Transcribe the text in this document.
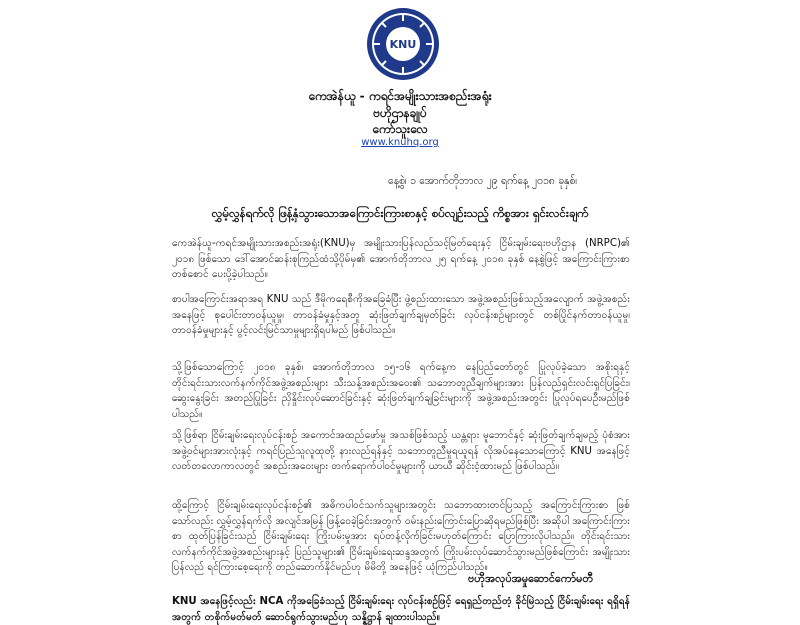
KNU
ကေအဲန်ယူ - ကရင်အမျိုးသားအစည်းအရုံး
ဗဟိုဌာနချုပ်
ကော်သူးလေ
www.knuhq.org
နေ့စွဲ၊ ၁ အောက်တိုဘာလ ၂၉ ရက်နေ့ ၂၀၁၈ ခုနှစ်၊
လွှမ့်လွှန်ရက်လို ဖြန့်နှံသွားသောအကြောင်းကြားစာနှင့် စပ်လျဉ်းသည့် ကိစ္စအား ရှင်းလင်းချက်
ကေအဲန်ယူ-ကရင်အမျိုးသားအစည်းအရုံး(KNU)မှ အမျိုးသားပြန်လည်သင့်မြတ်ရေးနှင့် ငြိမ်းချမ်းရေးဗဟိုဌာန (NRPC)၏ ၂၀၁၈ ဖြစ်သော ဒေါ်အောင်ဆန်းစုကြည်ထံသို့ပိုမ်မှ၏ အောက်တိုဘာလ ၂၅ ရက်နေ့ ၂၀၁၈ ခုနှစ် နေ့စွဲဖြင့် အကြောင်းကြားစာ တစ်စောင် ပေးပို့ခဲ့ပါသည်။
စာပါအကြောင်းအရာအရ KNU သည် ဒီမိုကရေစီကိုအခြေခံပြီး ဖွဲ့စည်းထားသော အဖွဲ့အစည်းဖြစ်သည့်အလျောက် အဖွဲ့အစည်းအနေဖြင့် စုပေါင်းတာဝန်ယူမှု၊ တာဝန်ခံမှုနှင့်အတူ ဆုံးဖြတ်ချက်ချမှတ်ခြင်း လုပ်ငန်းစဉ်များတွင် တစ်ပြိုင်နက်တာဝန်ယူမှု၊ တာဝန်ခံမှုများနှင့် ပွင့်လင်းမြင်သာမှုများရှိရပါမည် ဖြစ်ပါသည်။
သို့ဖြစ်သောကြောင့် ၂၀၁၈ ခုနှစ်၊ အောက်တိုဘာလ ၁၅-၁၆ ရက်နေ့က နေပြည်တော်တွင် ပြုလုပ်ခဲ့သော အစိုးရနှင့် တိုင်းရင်းသားလက်နက်ကိုင်အဖွဲ့အစည်းများ သီးသန့်အစည်းအဝေး၏ သဘောတူညီချက်များအား ပြန်လည်ရှင်းလင်းရှင်ပြခြင်း၊ ဆွေးနွေးခြင်း အတည်ပြုခြင်း ညှိနှိုင်းလုပ်ဆောင်ခြင်းနှင့် ဆုံးဖြတ်ချက်ချခြင်းများကို အဖွဲ့အစည်းအတွင်း ပြုလုပ်ရပေဦးမည်ဖြစ်ပါသည်။
သို့ဖြစ်ရာ ငြိမ်းချမ်းရေးလုပ်ငန်းစဉ် အကောင်အထည်ဖော်မှု အသစ်ဖြစ်သည့် ယန္တရား မူဘောင်နှင့် ဆုံးဖြတ်ချက်ချမည့် ပုံစံအား အဖွဲ့ဝင်များအားလုံးနှင့် ကရင်ပြည်သူလူထုတို့ နားလည်ရန်နှင့် သဘောတူညီမှုရယူရန် လိုအပ်နေသောကြောင့် KNU အနေဖြင့် လတ်တလောကာလတွင် အစည်းအဝေးများ တက်ရောက်ပါဝင်မှုများကို ယာယီ ဆိုင်းငံ့ထားမည် ဖြစ်ပါသည်။
ထို့ကြောင့် ငြိမ်းချမ်းရေးလုပ်ငန်းစဉ်၏ အဓိကပါဝင်သက်သူများအတွင်း သဘောထားတင်ပြသည့် အကြောင်းကြားစာ ဖြစ်သော်လည်း လွှမ့်လွှန်ရက်လို အလျင်အမြန် ဖြန့်ဝေခဲ့ခြင်းအတွက် ဝမ်းနည်းကြောင်းပြောဆိုရမည်ဖြစ်ပြီး အဆိုပါ အကြောင်းကြားစာ ထုတ်ပြန်ခြင်းသည် ငြိမ်းချမ်းရေး ကြိုးပမ်းမှုအား ရပ်တန့်လိုက်ခြင်းမဟုတ်ကြောင်း ပြောကြားလိုပါသည်။ တိုင်းရင်းသားလက်နက်ကိုင်အဖွဲ့အစည်းများနှင့် ပြည်သူများ၏ ငြိမ်းချမ်းရေးဆန္ဒအတွက် ကြိုးပမ်းလုပ်ဆောင်သွားမည်ဖြစ်ကြောင်း အမျိုးသားပြန်လည် ရင်ကြားစေ့ရေးကို တည်ဆောက်နိုင်မည်ဟု မိမိတို့ အနေဖြင့် ယုံကြည်ပါသည်။
KNU အနေဖြင့်လည်း NCA ကိုအခြေခံသည့် ငြိမ်းချမ်းရေး လုပ်ငန်းစဉ်ဖြင့် ရေရှည်တည်တံ့ ခိုင်မြဲသည့် ငြိမ်းချမ်းရေး ရရှိရန်အတွက် တစိုက်မတ်မတ် ဆောင်ရွက်သွားမည်ဟု သန္နိဋ္ဌာန် ချထားပါသည်။
ဗဟိုအလုပ်အမှုဆောင်ကော်မတီ
